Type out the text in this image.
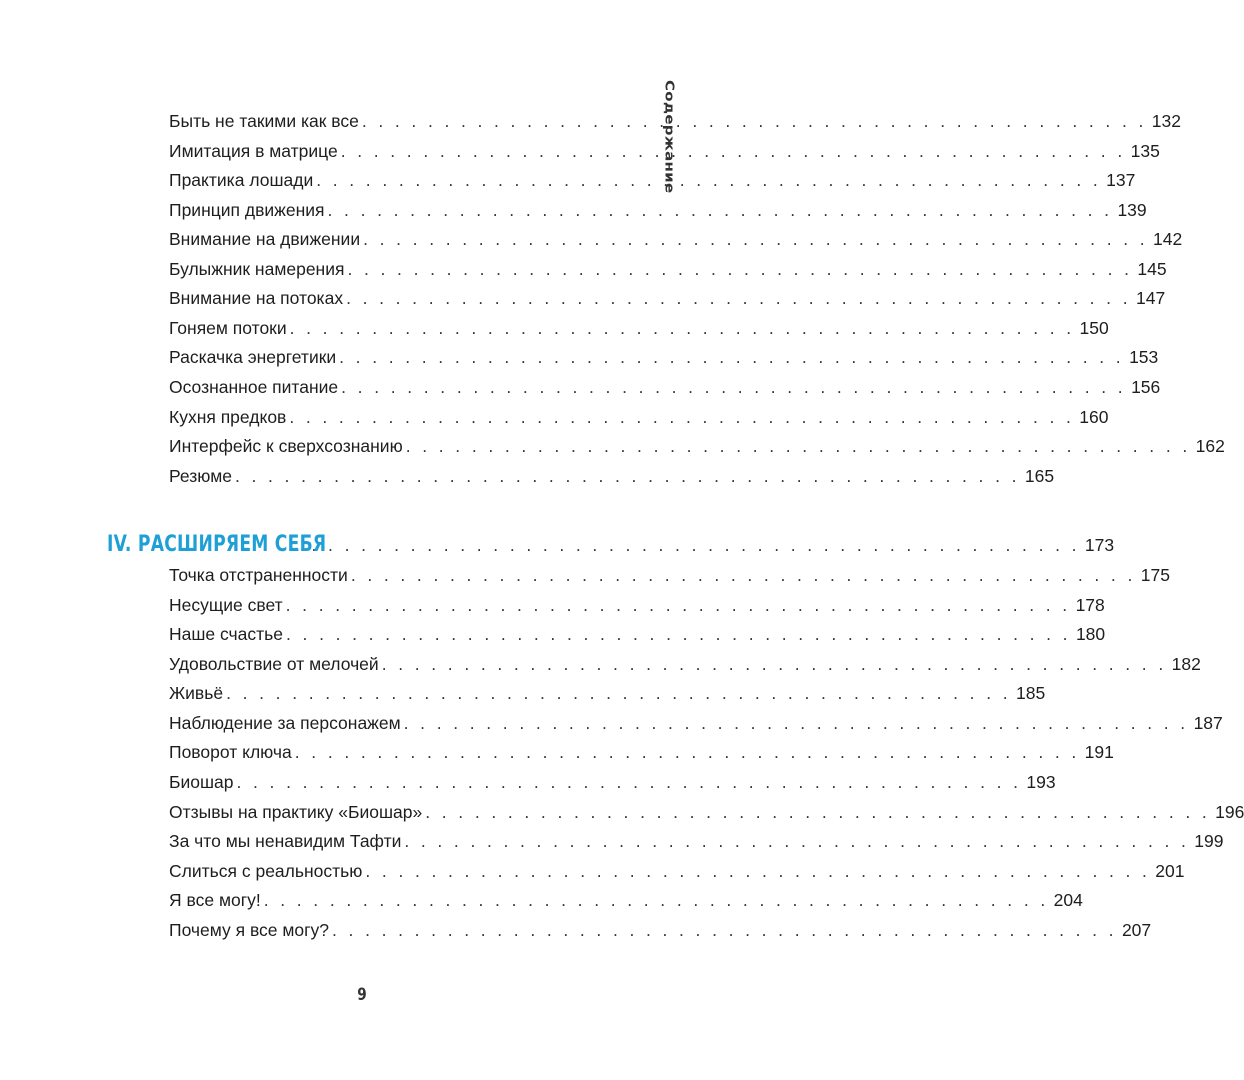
Содержание
Быть не такими как все . . . . . . . . . . . . . . . . . . . . . . . . . . . . . . . . . . . . . . . . . . . . . . . . 132
Имитация в матрице . . . . . . . . . . . . . . . . . . . . . . . . . . . . . . . . . . . . . . . . . . . . . . . . 135
Практика лошади . . . . . . . . . . . . . . . . . . . . . . . . . . . . . . . . . . . . . . . . . . . . . . . . 137
Принцип движения . . . . . . . . . . . . . . . . . . . . . . . . . . . . . . . . . . . . . . . . . . . . . . . . 139
Внимание на движении . . . . . . . . . . . . . . . . . . . . . . . . . . . . . . . . . . . . . . . . . . . . . . . . 142
Булыжник намерения . . . . . . . . . . . . . . . . . . . . . . . . . . . . . . . . . . . . . . . . . . . . . . . . 145
Внимание на потоках . . . . . . . . . . . . . . . . . . . . . . . . . . . . . . . . . . . . . . . . . . . . . . . . 147
Гоняем потоки . . . . . . . . . . . . . . . . . . . . . . . . . . . . . . . . . . . . . . . . . . . . . . . . 150
Раскачка энергетики . . . . . . . . . . . . . . . . . . . . . . . . . . . . . . . . . . . . . . . . . . . . . . . . 153
Осознанное питание . . . . . . . . . . . . . . . . . . . . . . . . . . . . . . . . . . . . . . . . . . . . . . . . 156
Кухня предков . . . . . . . . . . . . . . . . . . . . . . . . . . . . . . . . . . . . . . . . . . . . . . . . 160
Интерфейс к сверхсознанию . . . . . . . . . . . . . . . . . . . . . . . . . . . . . . . . . . . . . . . . . . . . . . . . 162
Резюме . . . . . . . . . . . . . . . . . . . . . . . . . . . . . . . . . . . . . . . . . . . . . . . . 165
IV. РАСШИРЯЕМ СЕБЯ
. . . . . . . . . . . . . . . . . . . . . . . . . . . . . . . . . . . . . . . . . . . . . . . . 173
Точка отстраненности . . . . . . . . . . . . . . . . . . . . . . . . . . . . . . . . . . . . . . . . . . . . . . . . 175
Несущие свет . . . . . . . . . . . . . . . . . . . . . . . . . . . . . . . . . . . . . . . . . . . . . . . . 178
Наше счастье . . . . . . . . . . . . . . . . . . . . . . . . . . . . . . . . . . . . . . . . . . . . . . . . 180
Удовольствие от мелочей . . . . . . . . . . . . . . . . . . . . . . . . . . . . . . . . . . . . . . . . . . . . . . . . 182
Живьё . . . . . . . . . . . . . . . . . . . . . . . . . . . . . . . . . . . . . . . . . . . . . . . . 185
Наблюдение за персонажем . . . . . . . . . . . . . . . . . . . . . . . . . . . . . . . . . . . . . . . . . . . . . . . . 187
Поворот ключа . . . . . . . . . . . . . . . . . . . . . . . . . . . . . . . . . . . . . . . . . . . . . . . . 191
Биошар . . . . . . . . . . . . . . . . . . . . . . . . . . . . . . . . . . . . . . . . . . . . . . . . 193
Отзывы на практику «Биошар» . . . . . . . . . . . . . . . . . . . . . . . . . . . . . . . . . . . . . . . . . . . . . . . . 196
За что мы ненавидим Тафти . . . . . . . . . . . . . . . . . . . . . . . . . . . . . . . . . . . . . . . . . . . . . . . . 199
Слиться с реальностью . . . . . . . . . . . . . . . . . . . . . . . . . . . . . . . . . . . . . . . . . . . . . . . . 201
Я все могу! . . . . . . . . . . . . . . . . . . . . . . . . . . . . . . . . . . . . . . . . . . . . . . . . 204
Почему я все могу? . . . . . . . . . . . . . . . . . . . . . . . . . . . . . . . . . . . . . . . . . . . . . . . . 207
9
